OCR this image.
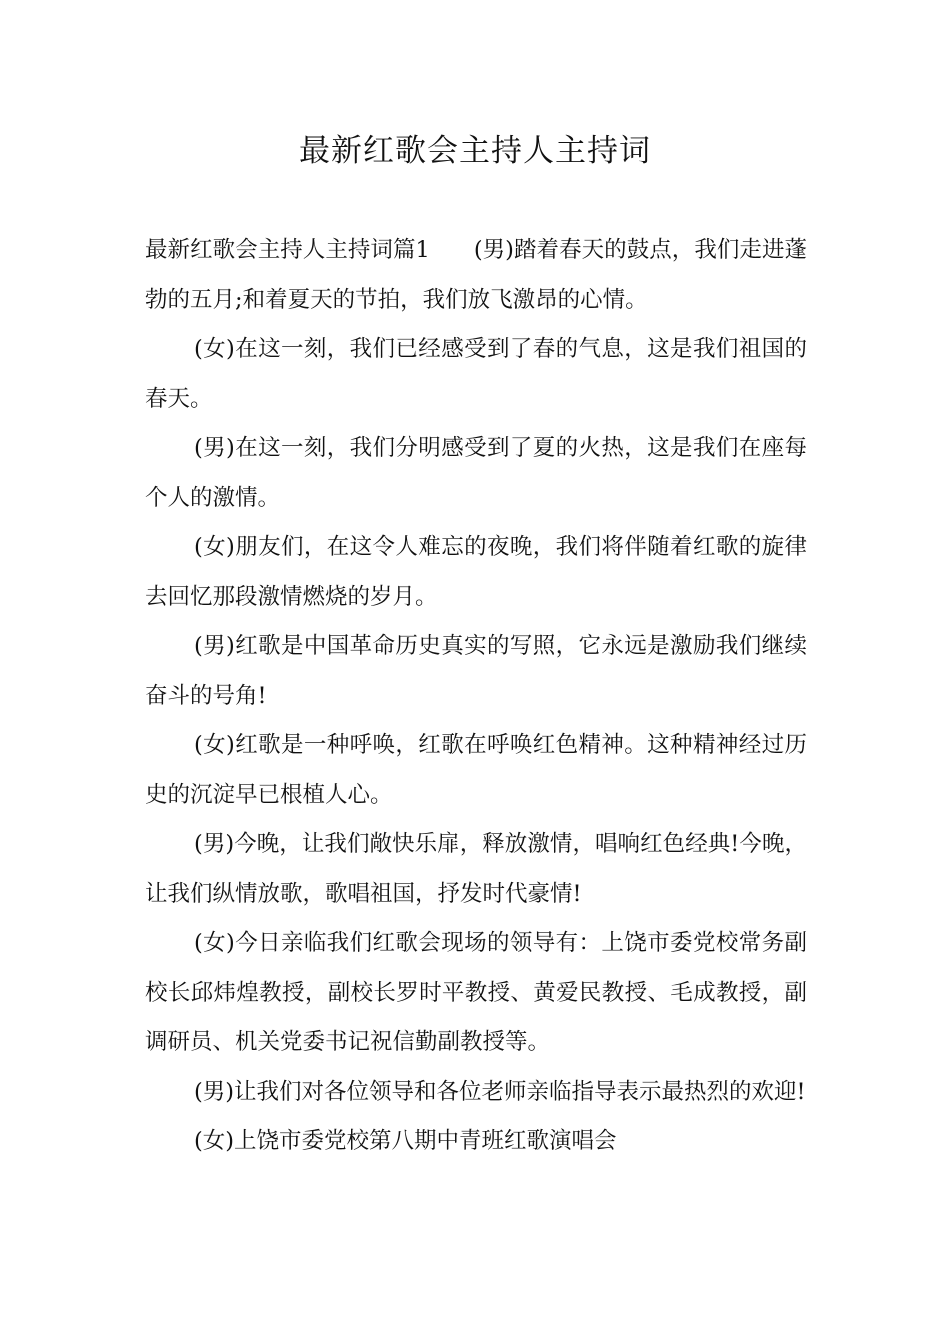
最新红歌会主持人主持词

最新红歌会主持人主持词篇1 (男)踏着春天的鼓点，我们走进蓬勃的五月;和着夏天的节拍，我们放飞激昂的心情。

(女)在这一刻，我们已经感受到了春的气息，这是我们祖国的春天。

(男)在这一刻，我们分明感受到了夏的火热，这是我们在座每个人的激情。

(女)朋友们，在这令人难忘的夜晚，我们将伴随着红歌的旋律去回忆那段激情燃烧的岁月。

(男)红歌是中国革命历史真实的写照，它永远是激励我们继续奋斗的号角!

(女)红歌是一种呼唤，红歌在呼唤红色精神。这种精神经过历史的沉淀早已根植人心。

(男)今晚，让我们敞快乐扉，释放激情，唱响红色经典!今晚，让我们纵情放歌，歌唱祖国，抒发时代豪情!

(女)今日亲临我们红歌会现场的领导有：上饶市委党校常务副校长邱炜煌教授，副校长罗时平教授、黄爱民教授、毛成教授，副调研员、机关党委书记祝信勤副教授等。

(男)让我们对各位领导和各位老师亲临指导表示最热烈的欢迎!

(女)上饶市委党校第八期中青班红歌演唱会
